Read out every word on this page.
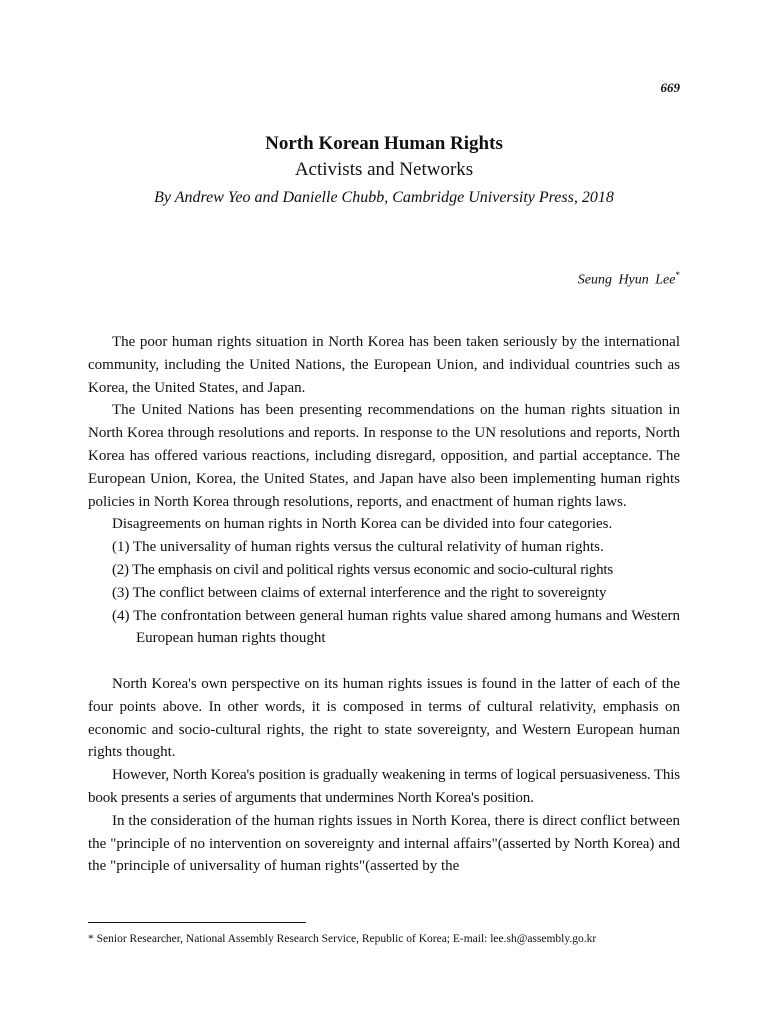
669

North Korean Human Rights

Activists and Networks

By Andrew Yeo and Danielle Chubb, Cambridge University Press, 2018

Seung Hyun Lee*

The poor human rights situation in North Korea has been taken seriously by the international community, including the United Nations, the European Union, and individual countries such as Korea, the United States, and Japan.

The United Nations has been presenting recommendations on the human rights situation in North Korea through resolutions and reports. In response to the UN resolutions and reports, North Korea has offered various reactions, including disregard, opposition, and partial acceptance. The European Union, Korea, the United States, and Japan have also been implementing human rights policies in North Korea through resolutions, reports, and enactment of human rights laws.

Disagreements on human rights in North Korea can be divided into four categories.

(1) The universality of human rights versus the cultural relativity of human rights.

(2) The emphasis on civil and political rights versus economic and socio-cultural rights

(3) The conflict between claims of external interference and the right to sovereignty

(4) The confrontation between general human rights value shared among humans and Western European human rights thought

North Korea's own perspective on its human rights issues is found in the latter of each of the four points above. In other words, it is composed in terms of cultural relativity, emphasis on economic and socio-cultural rights, the right to state sovereignty, and Western European human rights thought.

However, North Korea's position is gradually weakening in terms of logical persuasiveness. This book presents a series of arguments that undermines North Korea's position.

In the consideration of the human rights issues in North Korea, there is direct conflict between the "principle of no intervention on sovereignty and internal affairs"(asserted by North Korea) and the "principle of universality of human rights"(asserted by the

* Senior Researcher, National Assembly Research Service, Republic of Korea; E-mail: lee.sh@assembly.go.kr
